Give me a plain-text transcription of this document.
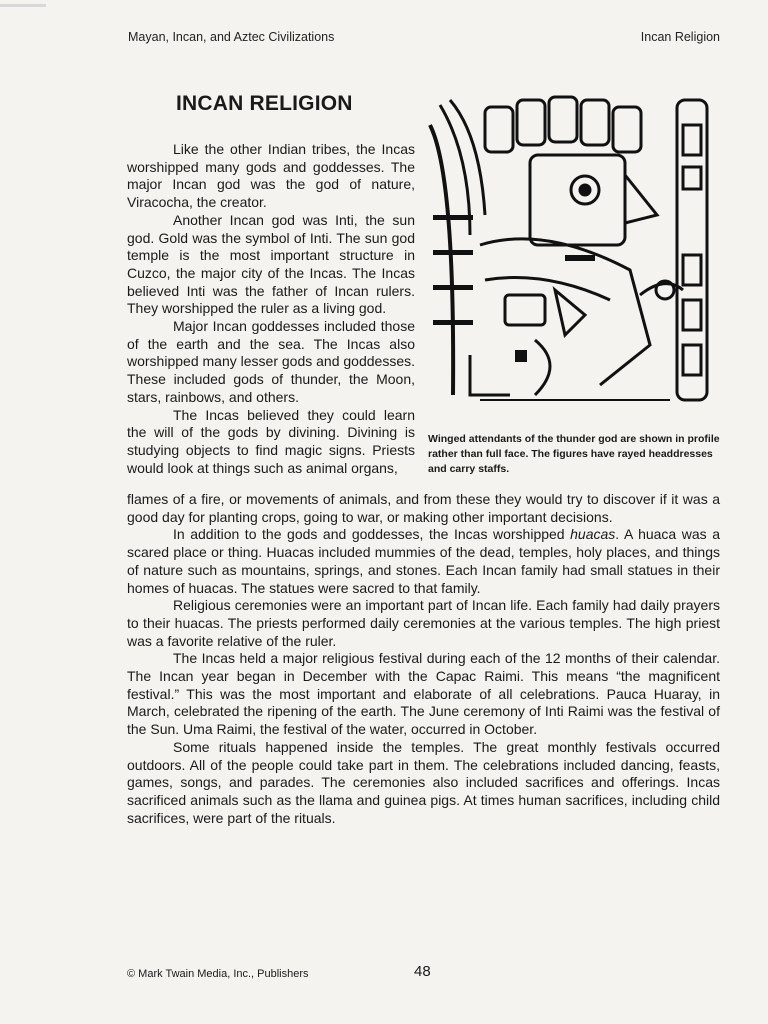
Mayan, Incan, and Aztec Civilizations	Incan Religion
INCAN RELIGION

Like the other Indian tribes, the Incas worshipped many gods and goddesses. The major Incan god was the god of nature, Viracocha, the creator.

Another Incan god was Inti, the sun god. Gold was the symbol of Inti. The sun god temple is the most important structure in Cuzco, the major city of the Incas. The Incas believed Inti was the father of Incan rulers. They worshipped the ruler as a living god.

Major Incan goddesses included those of the earth and the sea. The Incas also worshipped many lesser gods and goddesses. These included gods of thunder, the Moon, stars, rainbows, and others.

The Incas believed they could learn the will of the gods by divining. Divining is studying objects to find magic signs. Priests would look at things such as animal organs,

Winged attendants of the thunder god are shown in profile rather than full face. The figures have rayed headdresses and carry staffs.

flames of a fire, or movements of animals, and from these they would try to discover if it was a good day for planting crops, going to war, or making other important decisions.

In addition to the gods and goddesses, the Incas worshipped huacas. A huaca was a scared place or thing. Huacas included mummies of the dead, temples, holy places, and things of nature such as mountains, springs, and stones. Each Incan family had small statues in their homes of huacas. The statues were sacred to that family.

Religious ceremonies were an important part of Incan life. Each family had daily prayers to their huacas. The priests performed daily ceremonies at the various temples. The high priest was a favorite relative of the ruler.

The Incas held a major religious festival during each of the 12 months of their calendar. The Incan year began in December with the Capac Raimi. This means “the magnificent festival.” This was the most important and elaborate of all celebrations. Pauca Huaray, in March, celebrated the ripening of the earth. The June ceremony of Inti Raimi was the festival of the Sun. Uma Raimi, the festival of the water, occurred in October.

Some rituals happened inside the temples. The great monthly festivals occurred outdoors. All of the people could take part in them. The celebrations included dancing, feasts, games, songs, and parades. The ceremonies also included sacrifices and offerings. Incas sacrificed animals such as the llama and guinea pigs. At times human sacrifices, including child sacrifices, were part of the rituals.

© Mark Twain Media, Inc., Publishers	48
